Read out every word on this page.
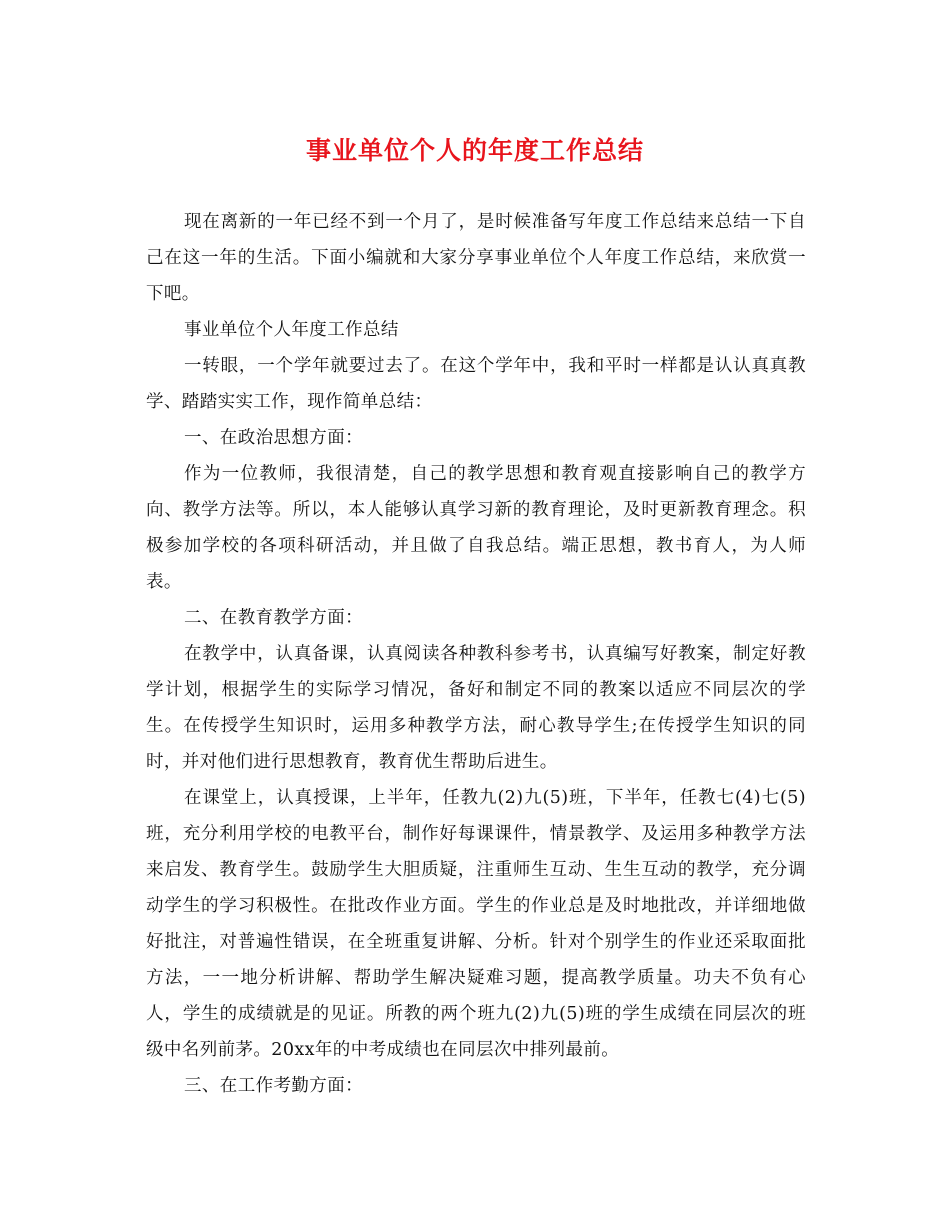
事业单位个人的年度工作总结

现在离新的一年已经不到一个月了，是时候准备写年度工作总结来总结一下自己在这一年的生活。下面小编就和大家分享事业单位个人年度工作总结，来欣赏一下吧。

事业单位个人年度工作总结

一转眼，一个学年就要过去了。在这个学年中，我和平时一样都是认认真真教学、踏踏实实工作，现作简单总结：

一、在政治思想方面：

作为一位教师，我很清楚，自己的教学思想和教育观直接影响自己的教学方向、教学方法等。所以，本人能够认真学习新的教育理论，及时更新教育理念。积极参加学校的各项科研活动，并且做了自我总结。端正思想，教书育人，为人师表。

二、在教育教学方面：

在教学中，认真备课，认真阅读各种教科参考书，认真编写好教案，制定好教学计划，根据学生的实际学习情况，备好和制定不同的教案以适应不同层次的学生。在传授学生知识时，运用多种教学方法，耐心教导学生;在传授学生知识的同时，并对他们进行思想教育，教育优生帮助后进生。

在课堂上，认真授课，上半年，任教九(2)九(5)班，下半年，任教七(4)七(5)班，充分利用学校的电教平台，制作好每课课件，情景教学、及运用多种教学方法来启发、教育学生。鼓励学生大胆质疑，注重师生互动、生生互动的教学，充分调动学生的学习积极性。在批改作业方面。学生的作业总是及时地批改，并详细地做好批注，对普遍性错误，在全班重复讲解、分析。针对个别学生的作业还采取面批方法，一一地分析讲解、帮助学生解决疑难习题，提高教学质量。功夫不负有心人，学生的成绩就是的见证。所教的两个班九(2)九(5)班的学生成绩在同层次的班级中名列前茅。20xx年的中考成绩也在同层次中排列最前。

三、在工作考勤方面：
